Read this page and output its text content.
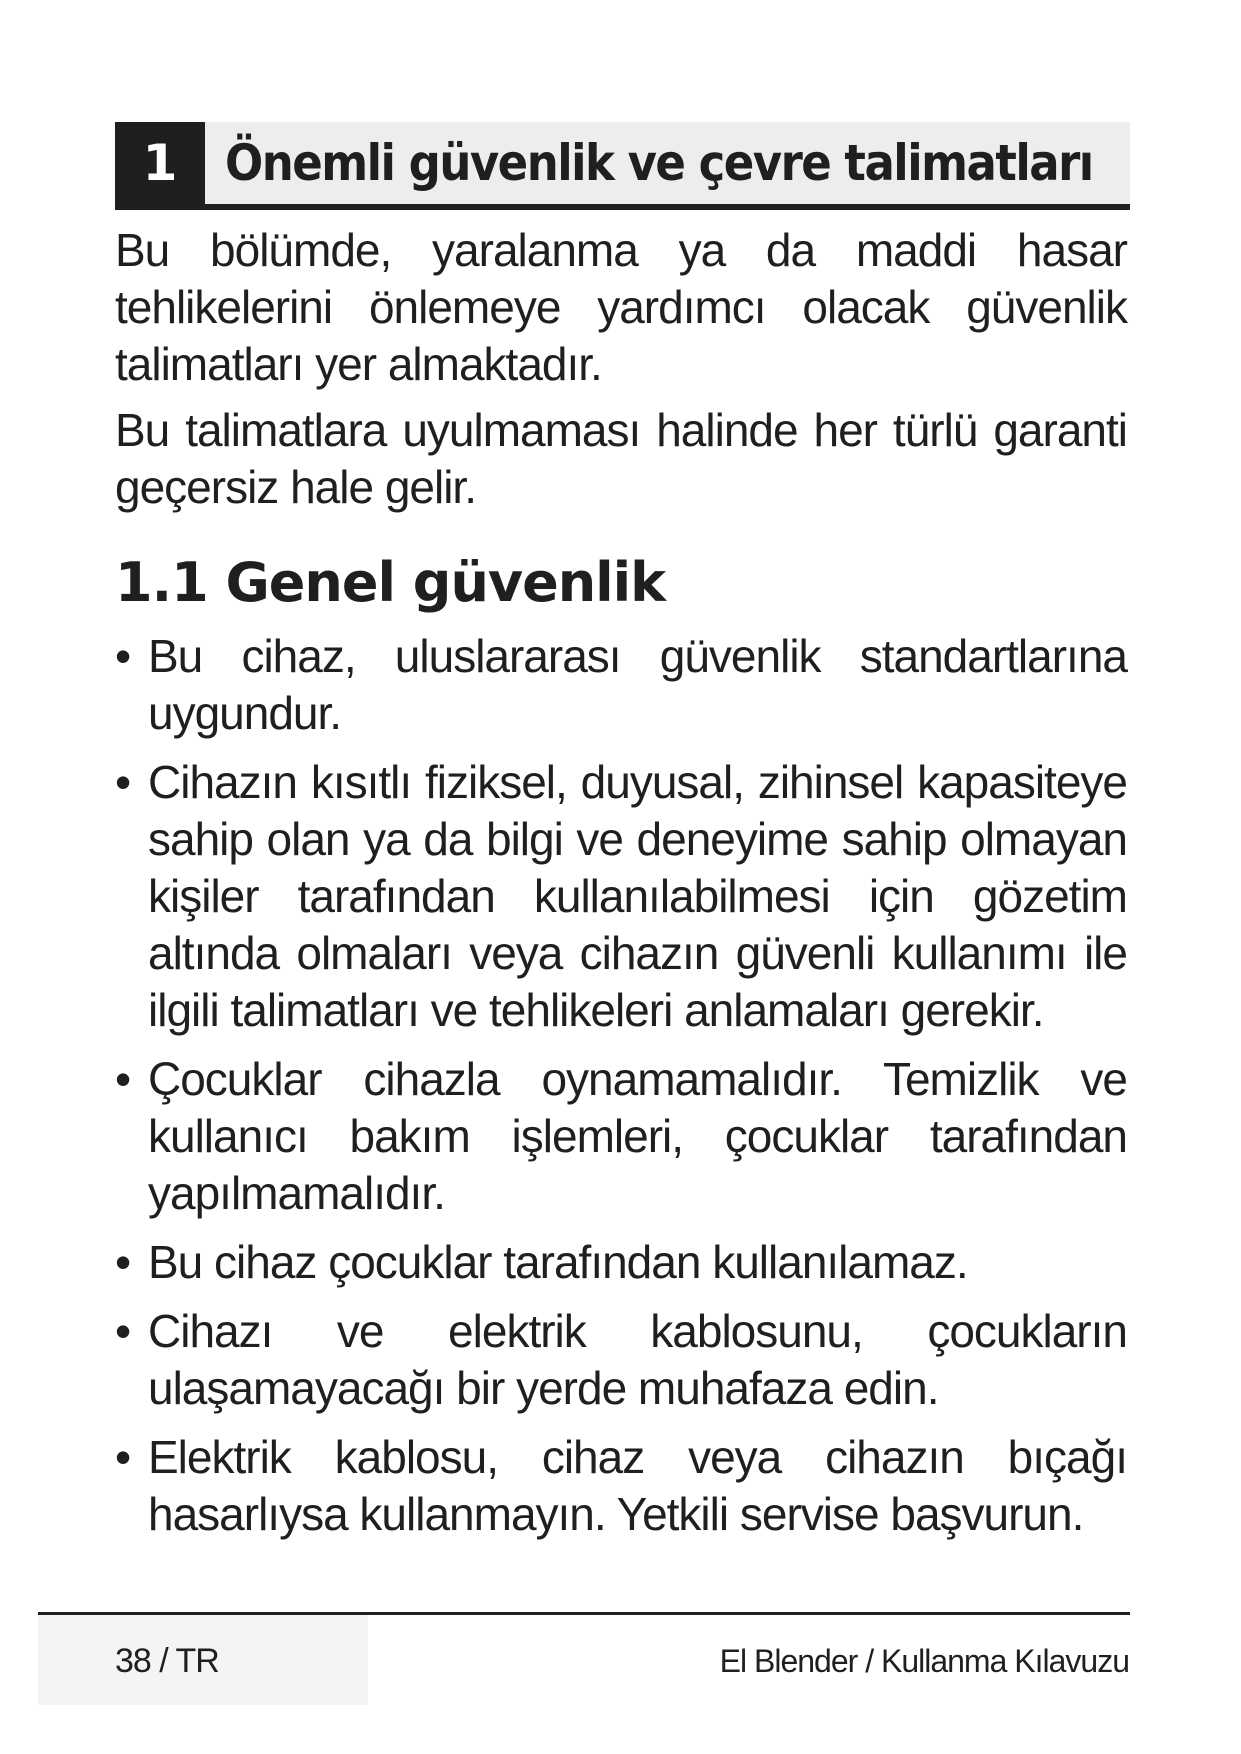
1 Önemli güvenlik ve çevre talimatları

Bu bölümde, yaralanma ya da maddi hasar tehlikelerini önlemeye yardımcı olacak güvenlik talimatları yer almaktadır.

Bu talimatlara uyulmaması halinde her türlü garanti geçersiz hale gelir.

1.1 Genel güvenlik
• Bu cihaz, uluslararası güvenlik standartlarına uygundur.
• Cihazın kısıtlı fiziksel, duyusal, zihinsel kapasiteye sahip olan ya da bilgi ve deneyime sahip olmayan kişiler tarafından kullanılabilmesi için gözetim altında olmaları veya cihazın güvenli kullanımı ile ilgili talimatları ve tehlikeleri anlamaları gerekir.
• Çocuklar cihazla oynamamalıdır. Temizlik ve kullanıcı bakım işlemleri, çocuklar tarafından yapılmamalıdır.
• Bu cihaz çocuklar tarafından kullanılamaz.
• Cihazı ve elektrik kablosunu, çocukların ulaşamayacağı bir yerde muhafaza edin.
• Elektrik kablosu, cihaz veya cihazın bıçağı hasarlıysa kullanmayın. Yetkili servise başvurun.
38 / TR	El Blender / Kullanma Kılavuzu
